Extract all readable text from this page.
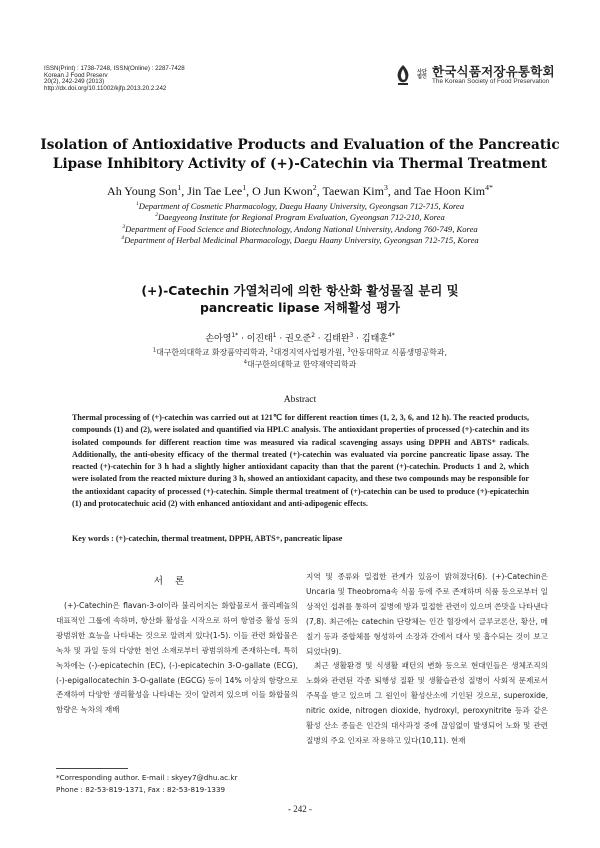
ISSN(Print) : 1738-7248, ISSN(Online) : 2287-7428
Korean J Food Preserv
20(2), 242-249 (2013)
http://dx.doi.org/10.11002/kjfp.2013.20.2.242
사단
법인 한국식품저장유통학회
The Korean Society of Food Preservation
Isolation of Antioxidative Products and Evaluation of the Pancreatic
Lipase Inhibitory Activity of (+)-Catechin via Thermal Treatment
Ah Young Son$^1$, Jin Tae Lee$^1$, O Jun Kwon$^2$, Taewan Kim$^3$, and Tae Hoon Kim$^{4*}$
$^1$Department of Cosmetic Pharmacology, Daegu Haany University, Gyeongsan 712-715, Korea
$^2$Daegyeong Institute for Regional Program Evaluation, Gyeongsan 712-210, Korea
$^3$Department of Food Science and Biotechnology, Andong National University, Andong 760-749, Korea
$^4$Department of Herbal Medicinal Pharmacology, Daegu Haany University, Gyeongsan 712-715, Korea
(+)-Catechin 가열처리에 의한 항산화 활성물질 분리 및
pancreatic lipase 저해활성 평가
손아영$^{1*}$ · 이진태$^1$ · 권오준$^2$ · 김태완$^3$ · 김태훈$^{4*}$
$^1$대구한의대학교 화장품약리학과, $^2$대경지역사업평가원, $^3$안동대학교 식품생명공학과,
$^4$대구한의대학교 한약재약리학과
Abstract
Thermal processing of (+)-catechin was carried out at 121℃ for different reaction times (1, 2, 3, 6, and 12 h). The reacted products, compounds (1) and (2), were isolated and quantified via HPLC analysis. The antioxidant properties of processed (+)-catechin and its isolated compounds for different reaction time was measured via radical scavenging assays using DPPH and ABTS⁺ radicals. Additionally, the anti-obesity efficacy of the thermal treated (+)-catechin was evaluated via porcine pancreatic lipase assay. The reacted (+)-catechin for 3 h had a slightly higher antioxidant capacity than that the parent (+)-catechin. Products 1 and 2, which were isolated from the reacted mixture during 3 h, showed an antioxidant capacity, and these two compounds may be responsible for the antioxidant capacity of processed (+)-catechin. Simple thermal treatment of (+)-catechin can be used to produce (+)-epicatechin (1) and protocatechuic acid (2) with enhanced antioxidant and anti-adipogenic effects.
Key words : (+)-catechin, thermal treatment, DPPH, ABTS+, pancreatic lipase
서론

(+)-Catechin은 flavan-3-ol이라 불리어지는 화합물로서 폴리페놀의 대표적인 그룹에 속하며, 항산화 활성을 시작으로 하여 항염증 활성 등의 광범위한 효능을 나타내는 것으로 알려져 있다(1-5). 이들 관련 화합물은 녹차 및 과일 등의 다양한 천연 소재로부터 광범위하게 존재하는데, 특히 녹차에는 (-)-epicatechin (EC), (-)-epicatechin 3-O-gallate (ECG), (-)-epigallocatechin 3-O-gallate (EGCG) 등이 14% 이상의 함량으로 존재하여 다양한 생리활성을 나타내는 것이 알려져 있으며 이들 화합물의 함량은 녹차의 재배

지역 및 종류와 밀접한 관계가 있음이 밝혀졌다(6). (+)-Catechin은 Uncaria 및 Theobroma속 식물 등에 주로 존재하며 식품 등으로부터 일상적인 섭취를 통하여 질병에 방과 밀접한 관련이 있으며 쓴맛을 나타낸다(7,8). 최근에는 catechin 단량체는 인간 혈장에서 글루코론산, 황산, 메칠기 등과 중합체를 형성하여 소장과 간에서 대사 및 흡수되는 것이 보고되었다(9).

최근 생활환경 및 식생활 패턴의 변화 등으로 현대인들은 생체조직의 노화와 관련된 각종 퇴행성 질환 및 생활습관성 질병이 사회적 문제로서 주목을 받고 있으며 그 원인이 활성산소에 기인된 것으로, superoxide, nitric oxide, nitrogen dioxide, hydroxyl, peroxynitrite 등과 같은 활성 산소 종들은 인간의 대사과정 중에 끊임없이 발생되어 노화 및 관련 질병의 주요 인자로 작용하고 있다(10,11). 현재

*Corresponding author. E-mail : skyey7@dhu.ac.kr
Phone : 82-53-819-1371, Fax : 82-53-819-1339
- 242 -
